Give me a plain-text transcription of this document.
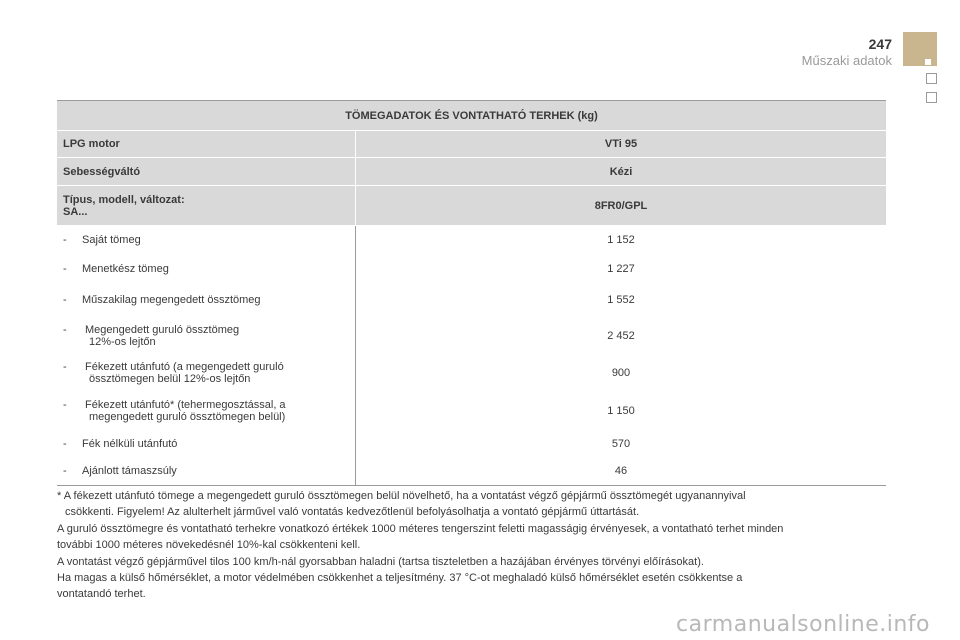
247
Műszaki adatok
TÖMEGADATOK ÉS VONTATHATÓ TERHEK (kg)	
LPG motor	VTi 95
Sebességváltó	Kézi

Típus, modell, változat:
SA...	8FR0/GPL
- Saját tömeg	1 152
- Menetkész tömeg	1 227
- Műszakilag megengedett össztömeg	1 552

- Megengedett guruló össztömeg
12%-os lejtőn	2 452

- Fékezett utánfutó (a megengedett guruló
össztömegen belül 12%-os lejtőn	900

- Fékezett utánfutó* (tehermegosztással, a
megengedett guruló össztömegen belül)	1 150
- Fék nélküli utánfutó	570
- Ajánlott támaszsúly	46

* A fékezett utánfutó tömege a megengedett guruló össztömegen belül növelhető, ha a vontatást végző gépjármű össztömegét ugyanannyival

csökkenti. Figyelem! Az alulterhelt járművel való vontatás kedvezőtlenül befolyásolhatja a vontató gépjármű úttartását.

A guruló össztömegre és vontatható terhekre vonatkozó értékek 1000 méteres tengerszint feletti magasságig érvényesek, a vontatható terhet minden

további 1000 méteres növekedésnél 10%-kal csökkenteni kell.

A vontatást végző gépjárművel tilos 100 km/h-nál gyorsabban haladni (tartsa tiszteletben a hazájában érvényes törvényi előírásokat).

Ha magas a külső hőmérséklet, a motor védelmében csökkenhet a teljesítmény. 37 °C-ot meghaladó külső hőmérséklet esetén csökkentse a

vontatandó terhet.

carmanualsonline.info
